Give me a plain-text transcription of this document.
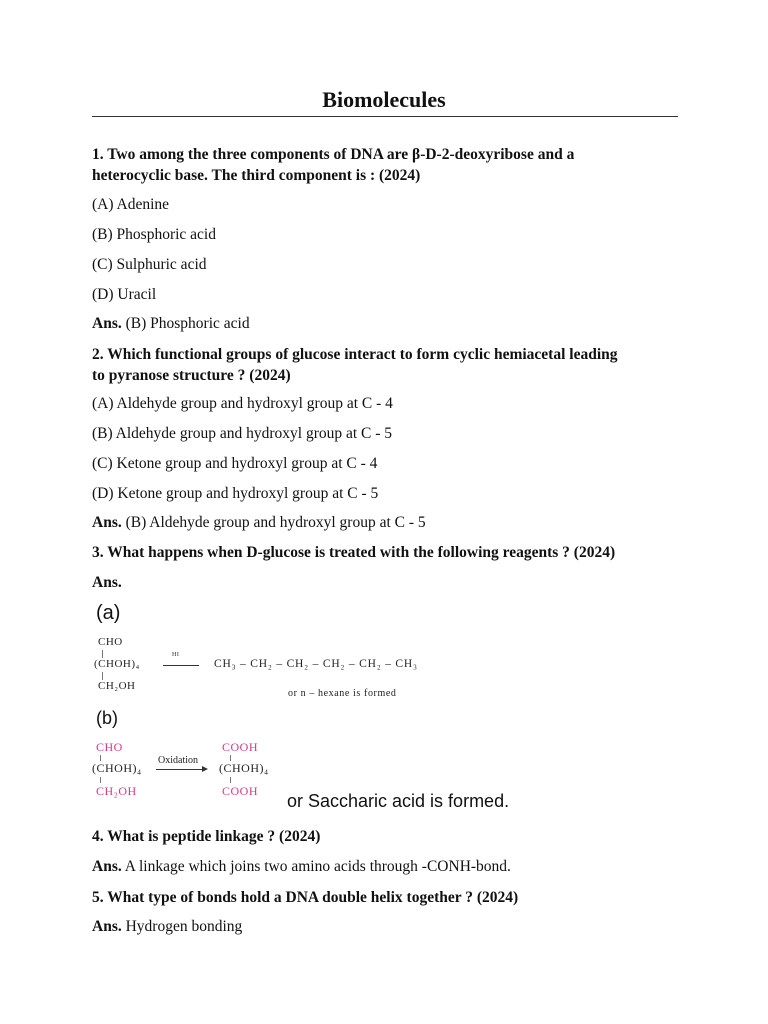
Biomolecules
1. Two among the three components of DNA are β-D-2-deoxyribose and a
heterocyclic base. The third component is : (2024)
(A) Adenine
(B) Phosphoric acid
(C) Sulphuric acid
(D) Uracil
Ans. (B) Phosphoric acid
2. Which functional groups of glucose interact to form cyclic hemiacetal leading
to pyranose structure ? (2024)
(A) Aldehyde group and hydroxyl group at C - 4
(B) Aldehyde group and hydroxyl group at C - 5
(C) Ketone group and hydroxyl group at C - 4
(D) Ketone group and hydroxyl group at C - 5
Ans. (B) Aldehyde group and hydroxyl group at C - 5
3. What happens when D-glucose is treated with the following reagents ? (2024)
Ans.
(a)
CHO
(CHOH)₄
CH₂OH
HI
CH₃ – CH₂ – CH₂ – CH₂ – CH₂ – CH₃
or n – hexane is formed
(b)
CHO
(CHOH)₄
CH₂OH
Oxidation
COOH
(CHOH)₄
COOH or Saccharic acid is formed.
4. What is peptide linkage ? (2024)
Ans. A linkage which joins two amino acids through -CONH-bond.
5. What type of bonds hold a DNA double helix together ? (2024)
Ans. Hydrogen bonding
